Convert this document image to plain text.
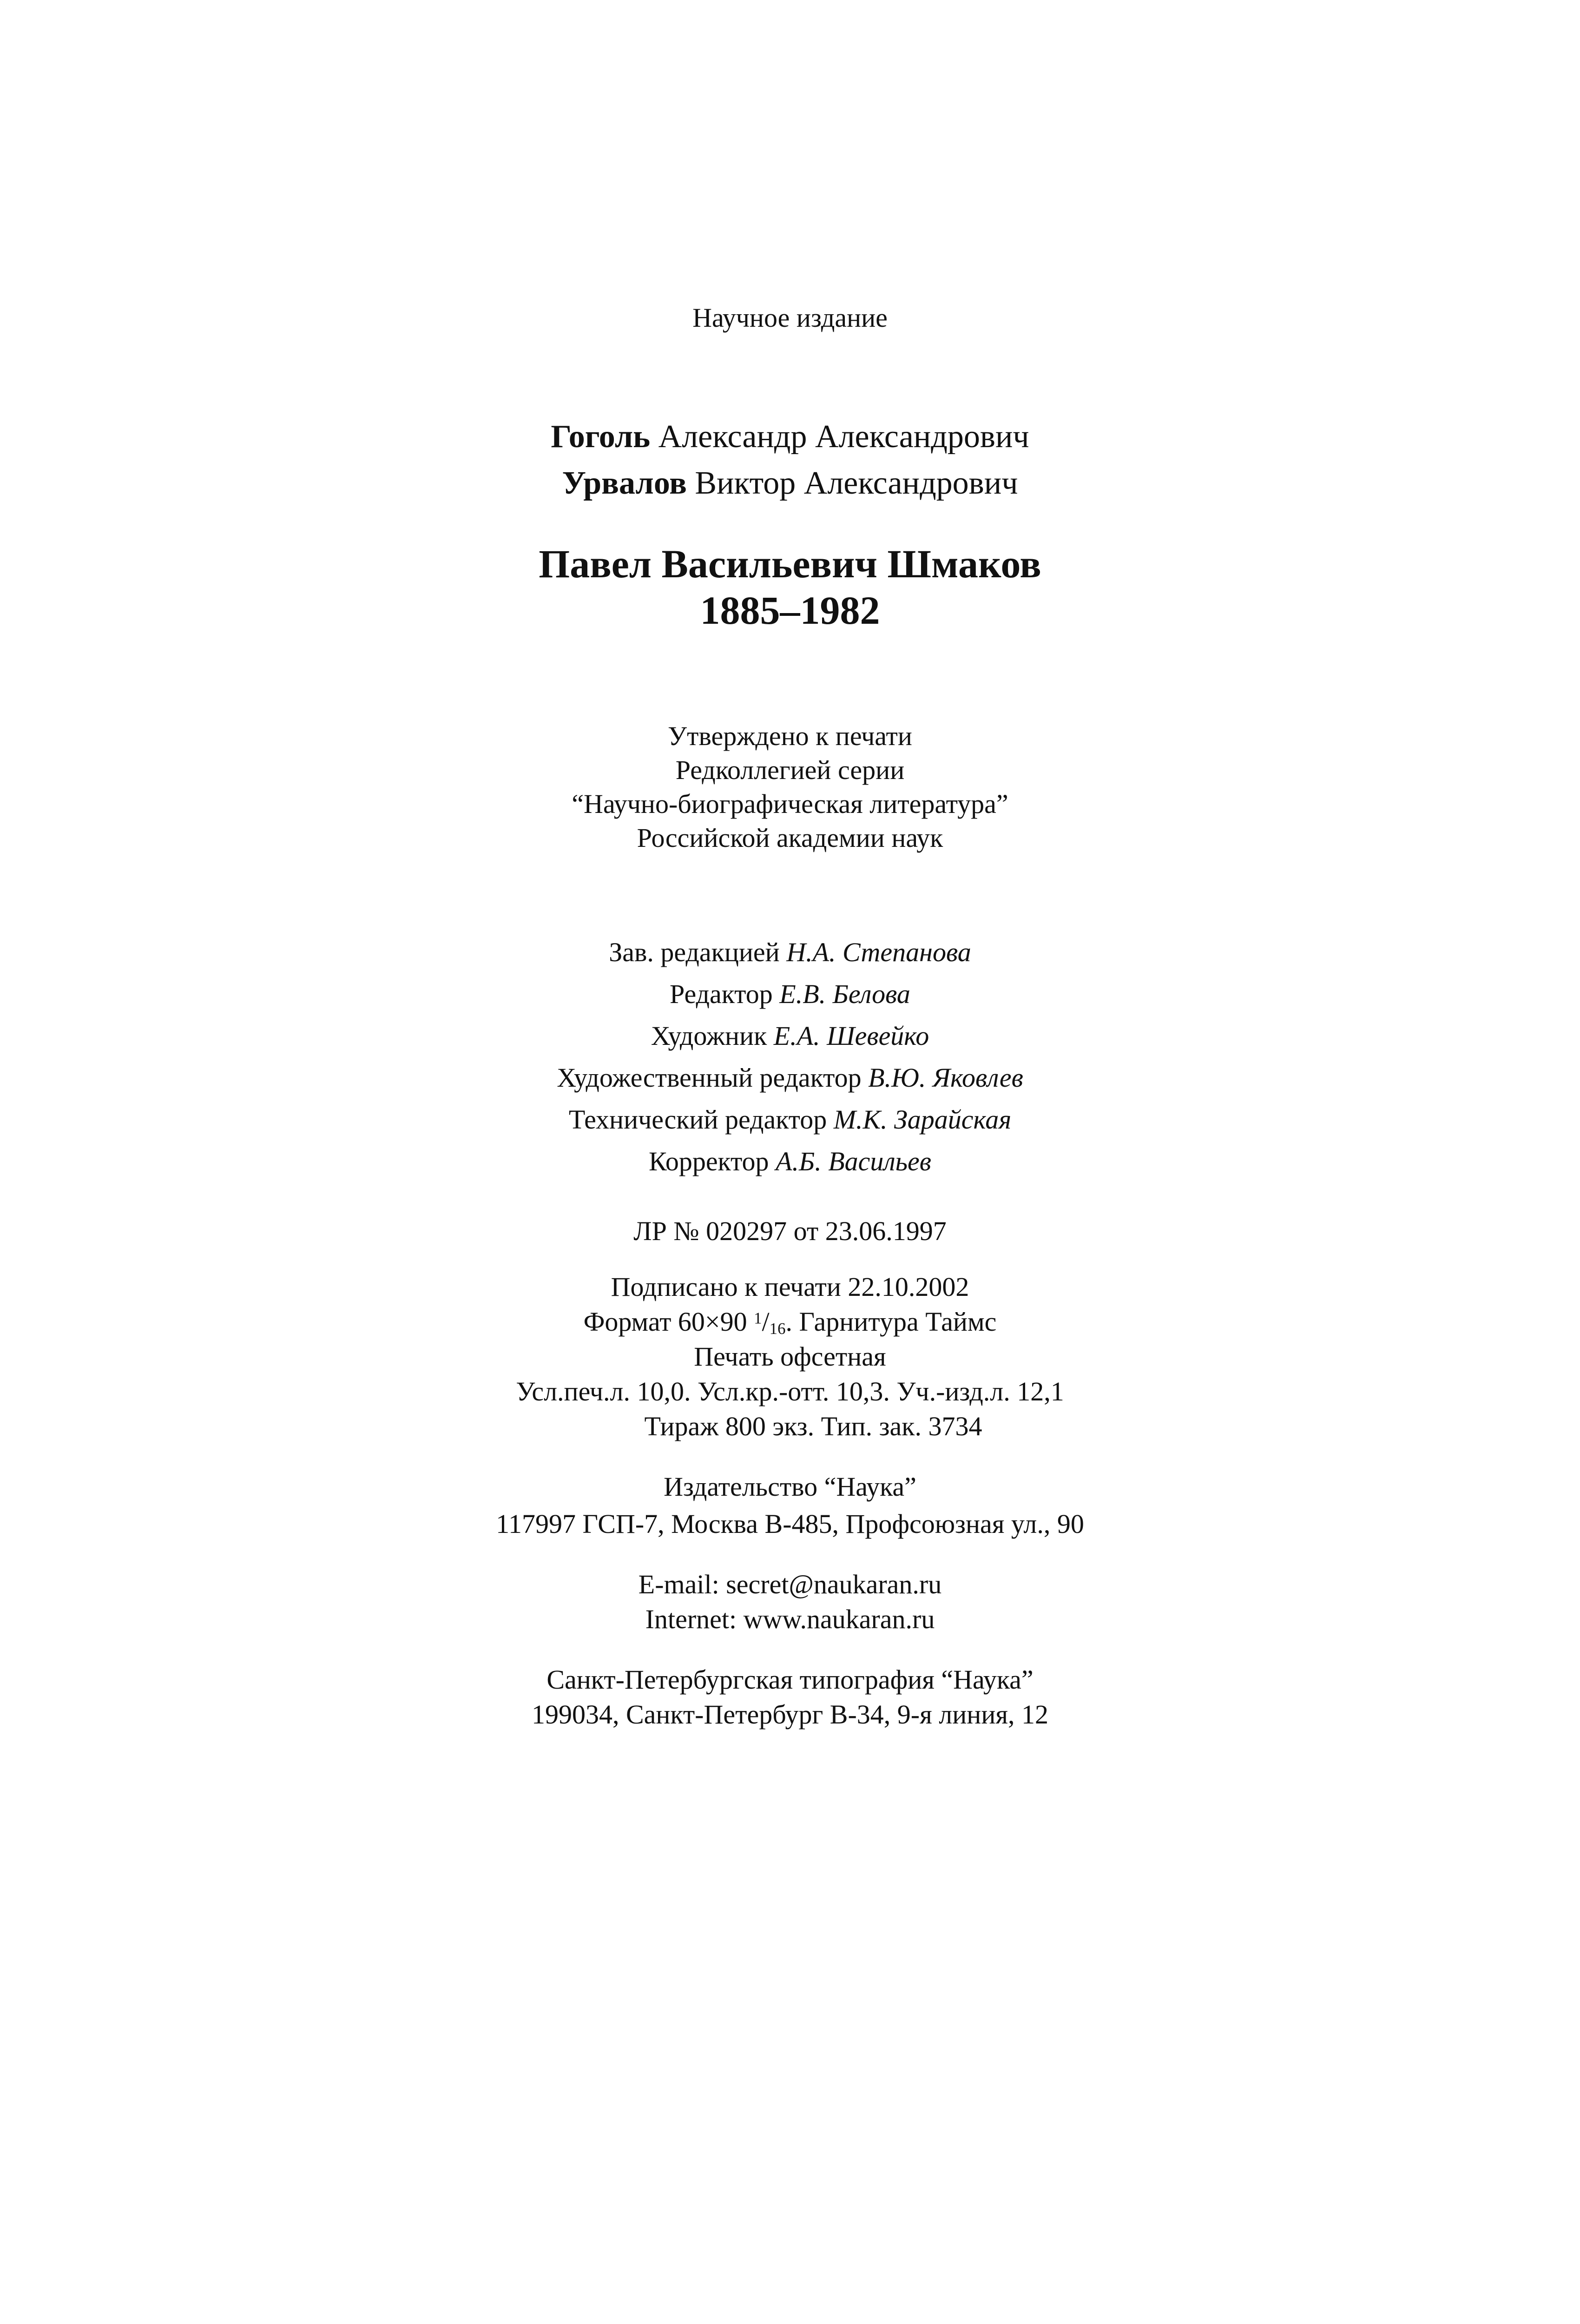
Научное издание
Гоголь Александр Александрович
Урвалов Виктор Александрович
Павел Васильевич Шмаков
1885–1982
Утверждено к печати
Редколлегией серии
“Научно-биографическая литература”
Российской академии наук
Зав. редакцией Н.А. Степанова
Редактор Е.В. Белова
Художник Е.А. Шевейко
Художественный редактор В.Ю. Яковлев
Технический редактор М.К. Зарайская
Корректор А.Б. Васильев
ЛР № 020297 от 23.06.1997
Подписано к печати 22.10.2002
Формат 60×90 $^1/_{16}$. Гарнитура Таймс
Печать офсетная
Усл.печ.л. 10,0. Усл.кр.-отт. 10,3. Уч.-изд.л. 12,1
Тираж 800 экз. Тип. зак. 3734
Издательство “Наука”
117997 ГСП-7, Москва В-485, Профсоюзная ул., 90
E-mail: secret@naukaran.ru
Internet: www.naukaran.ru
Санкт-Петербургская типография “Наука”
199034, Санкт-Петербург В-34, 9-я линия, 12
